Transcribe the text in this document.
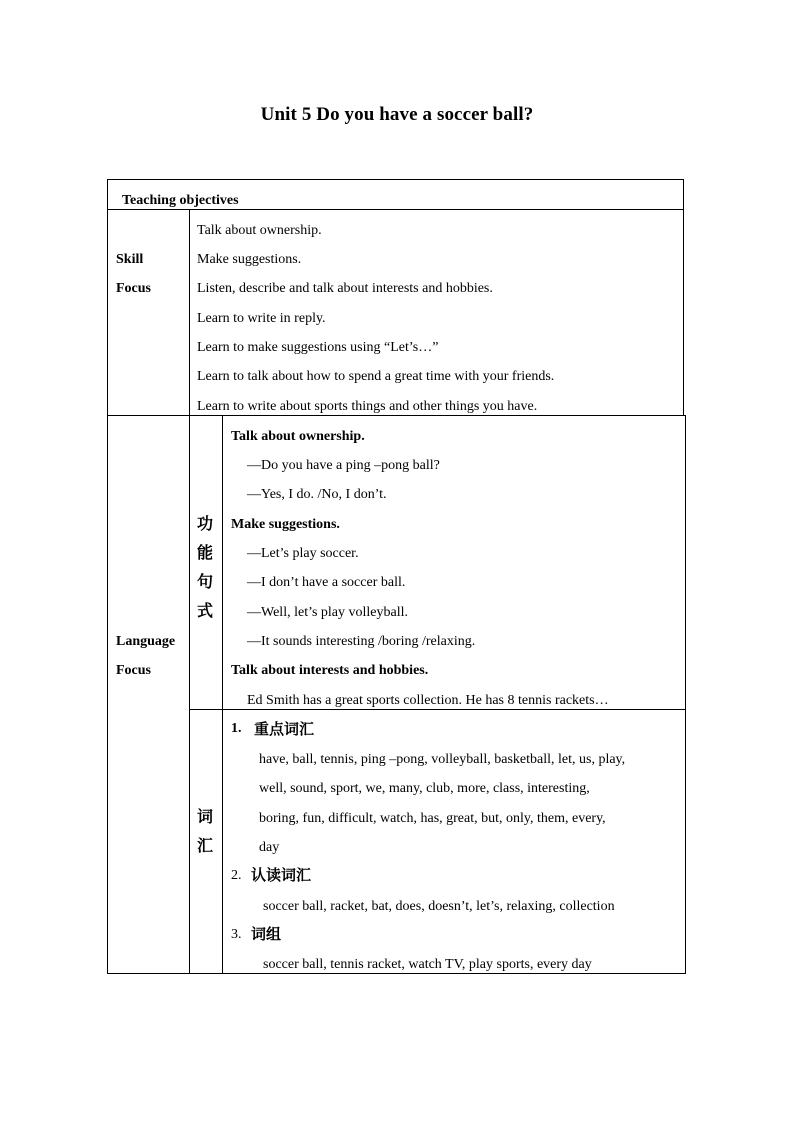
Unit 5 Do you have a soccer ball?
Teaching objectives
Skill
Focus
Talk about ownership.
Make suggestions.
Listen, describe and talk about interests and hobbies.
Learn to write in reply.
Learn to make suggestions using “Let’s…”
Learn to talk about how to spend a great time with your friends.
Learn to write about sports things and other things you have.
Language
Focus
功
能
句
式
Talk about ownership.
—Do you have a ping –pong ball?
—Yes, I do. /No, I don’t.
Make suggestions.
—Let’s play soccer.
—I don’t have a soccer ball.
—Well, let’s play volleyball.
—It sounds interesting /boring /relaxing.
Talk about interests and hobbies.
Ed Smith has a great sports collection. He has 8 tennis rackets…
词
汇
1. 重点词汇
have, ball, tennis, ping –pong, volleyball, basketball, let, us, play,
well, sound, sport, we, many, club, more, class, interesting,
boring, fun, difficult, watch, has, great, but, only, them, every,
day
2. 认读词汇
soccer ball, racket, bat, does, doesn’t, let’s, relaxing, collection
3. 词组
soccer ball, tennis racket, watch TV, play sports, every day
